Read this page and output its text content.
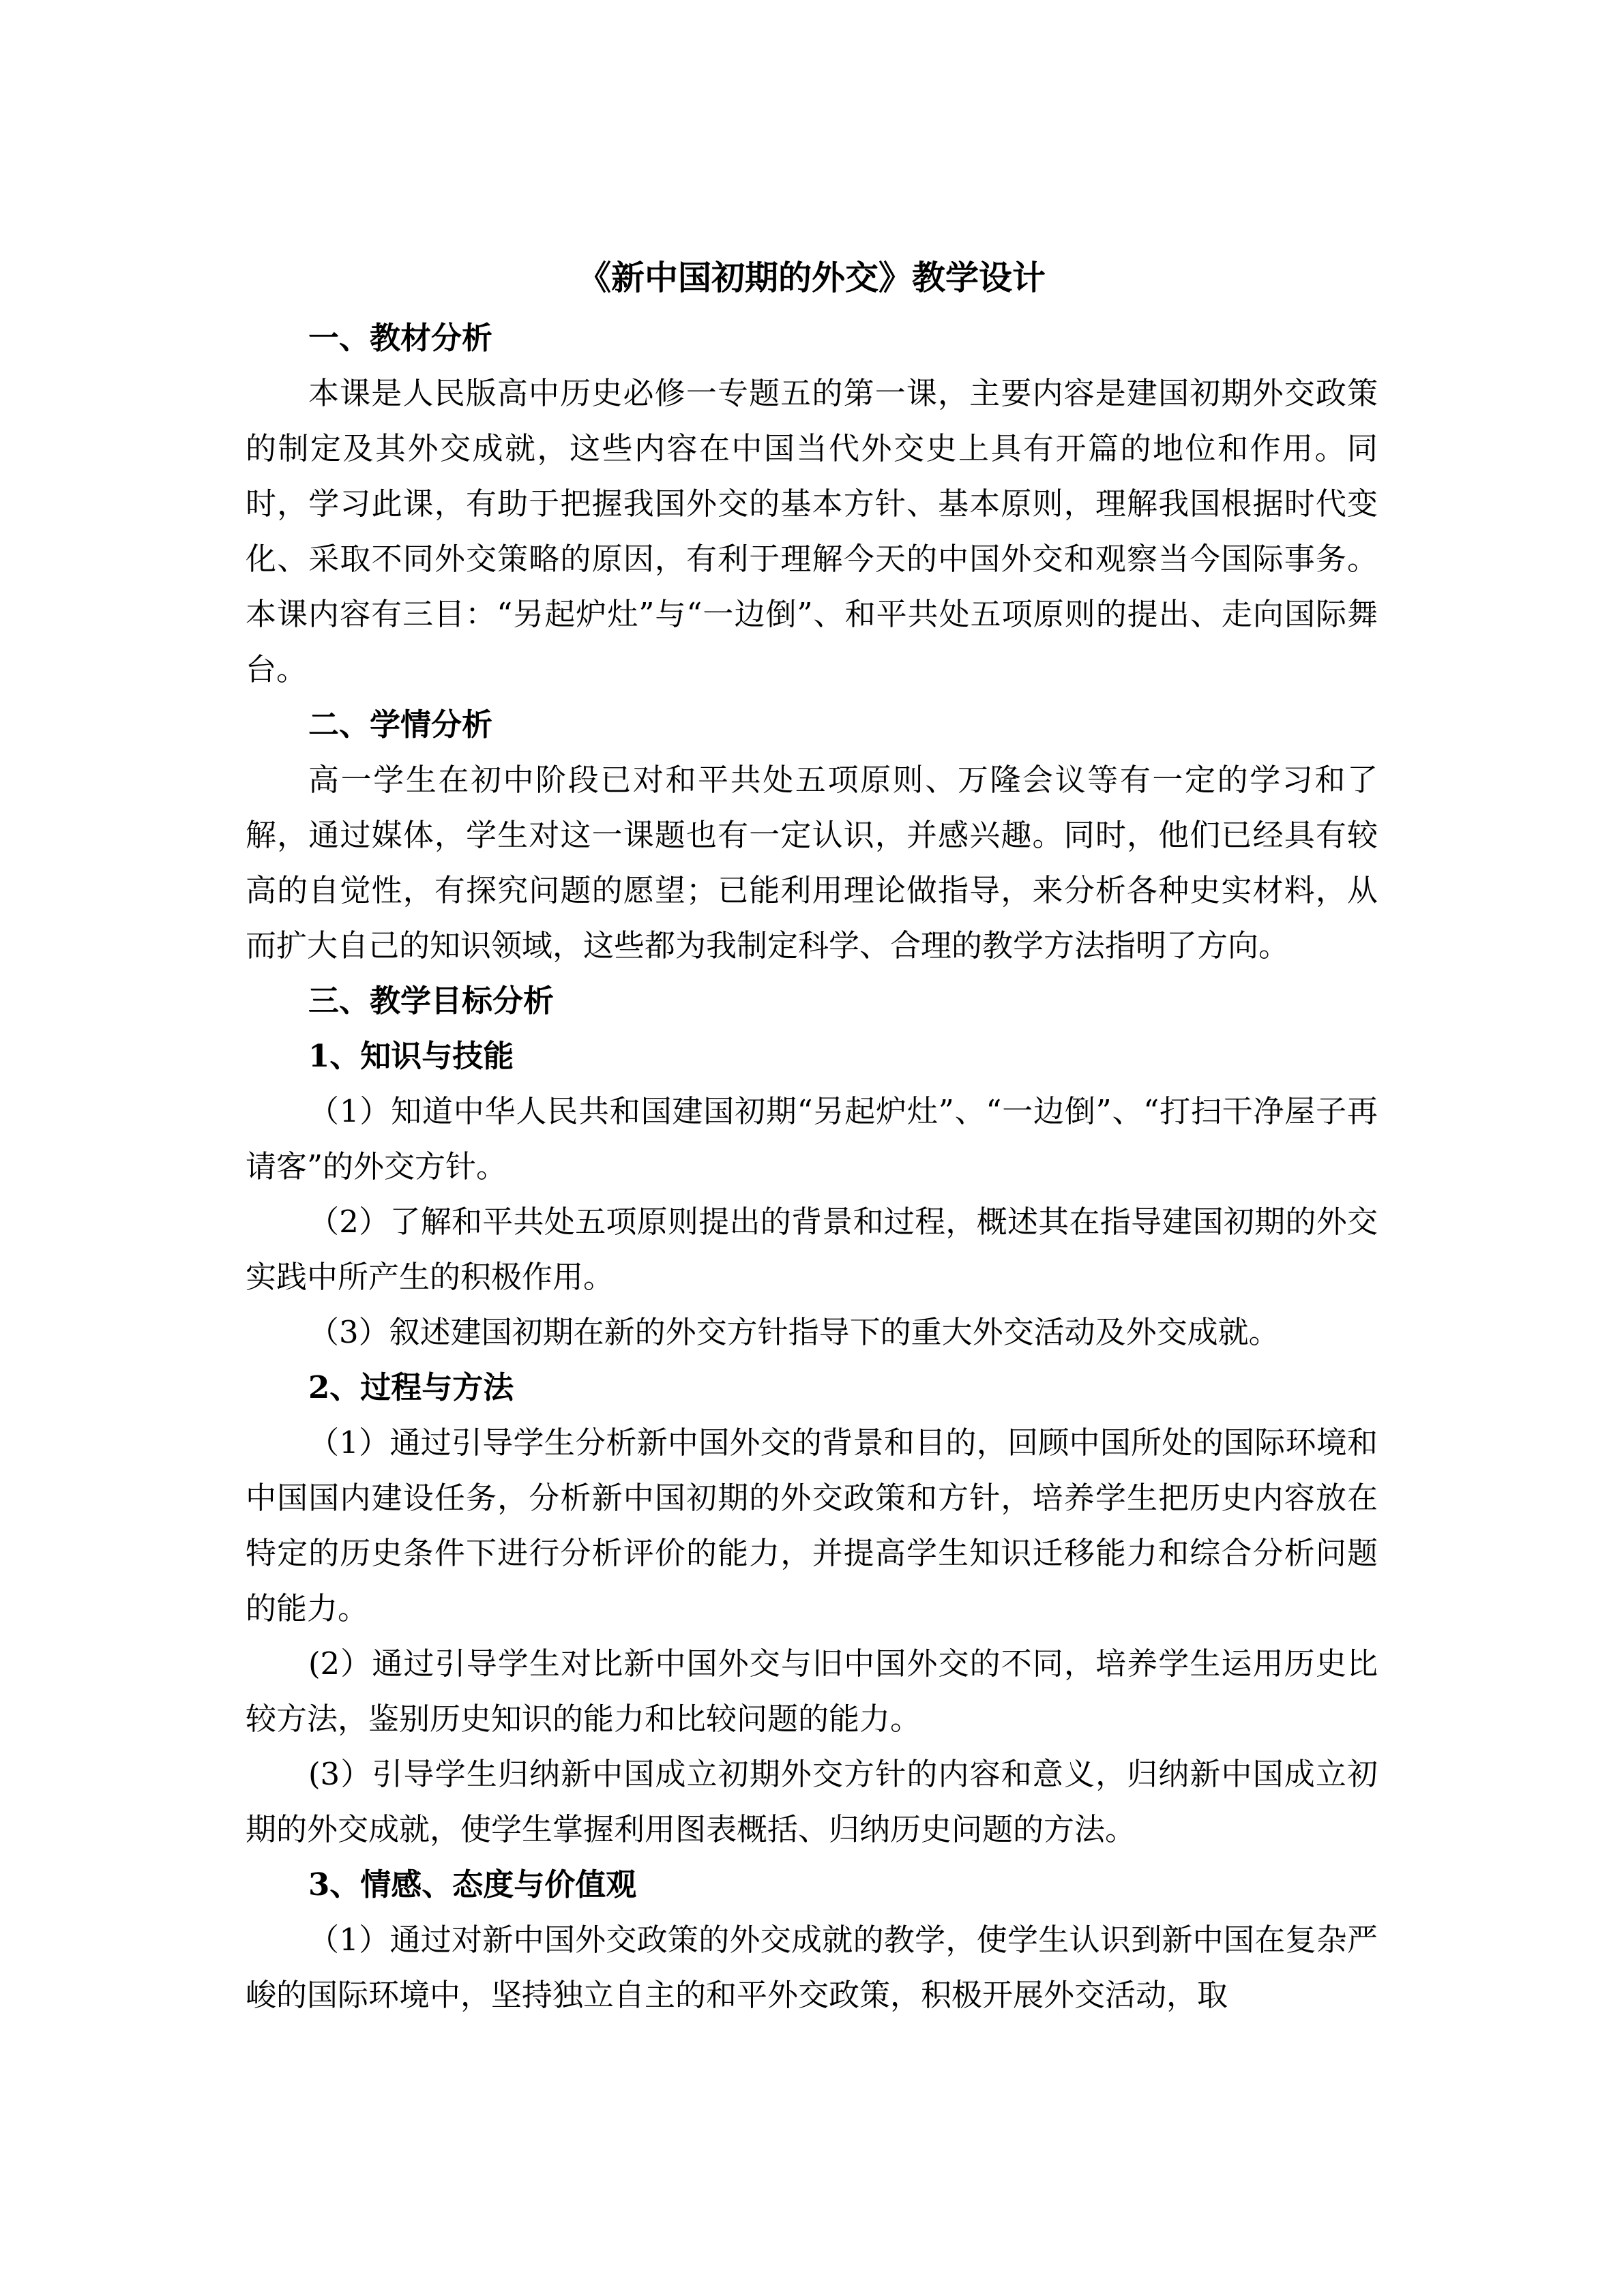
《新中国初期的外交》教学设计

一、教材分析

本课是人民版高中历史必修一专题五的第一课，主要内容是建国初期外交政策的制定及其外交成就，这些内容在中国当代外交史上具有开篇的地位和作用。同时，学习此课，有助于把握我国外交的基本方针、基本原则，理解我国根据时代变化、采取不同外交策略的原因，有利于理解今天的中国外交和观察当今国际事务。本课内容有三目：“另起炉灶”与“一边倒”、和平共处五项原则的提出、走向国际舞台。

二、学情分析

高一学生在初中阶段已对和平共处五项原则、万隆会议等有一定的学习和了解，通过媒体，学生对这一课题也有一定认识，并感兴趣。同时，他们已经具有较高的自觉性，有探究问题的愿望；已能利用理论做指导，来分析各种史实材料，从而扩大自己的知识领域，这些都为我制定科学、合理的教学方法指明了方向。

三、教学目标分析

1、知识与技能

（1）知道中华人民共和国建国初期“另起炉灶”、“一边倒”、“打扫干净屋子再请客”的外交方针。

（2）了解和平共处五项原则提出的背景和过程，概述其在指导建国初期的外交实践中所产生的积极作用。

（3）叙述建国初期在新的外交方针指导下的重大外交活动及外交成就。

2、过程与方法

（1）通过引导学生分析新中国外交的背景和目的，回顾中国所处的国际环境和中国国内建设任务，分析新中国初期的外交政策和方针，培养学生把历史内容放在特定的历史条件下进行分析评价的能力，并提高学生知识迁移能力和综合分析问题的能力。

(2）通过引导学生对比新中国外交与旧中国外交的不同，培养学生运用历史比较方法，鉴别历史知识的能力和比较问题的能力。

(3）引导学生归纳新中国成立初期外交方针的内容和意义，归纳新中国成立初期的外交成就，使学生掌握利用图表概括、归纳历史问题的方法。

3、情感、态度与价值观

（1）通过对新中国外交政策的外交成就的教学，使学生认识到新中国在复杂严峻的国际环境中，坚持独立自主的和平外交政策，积极开展外交活动，取
